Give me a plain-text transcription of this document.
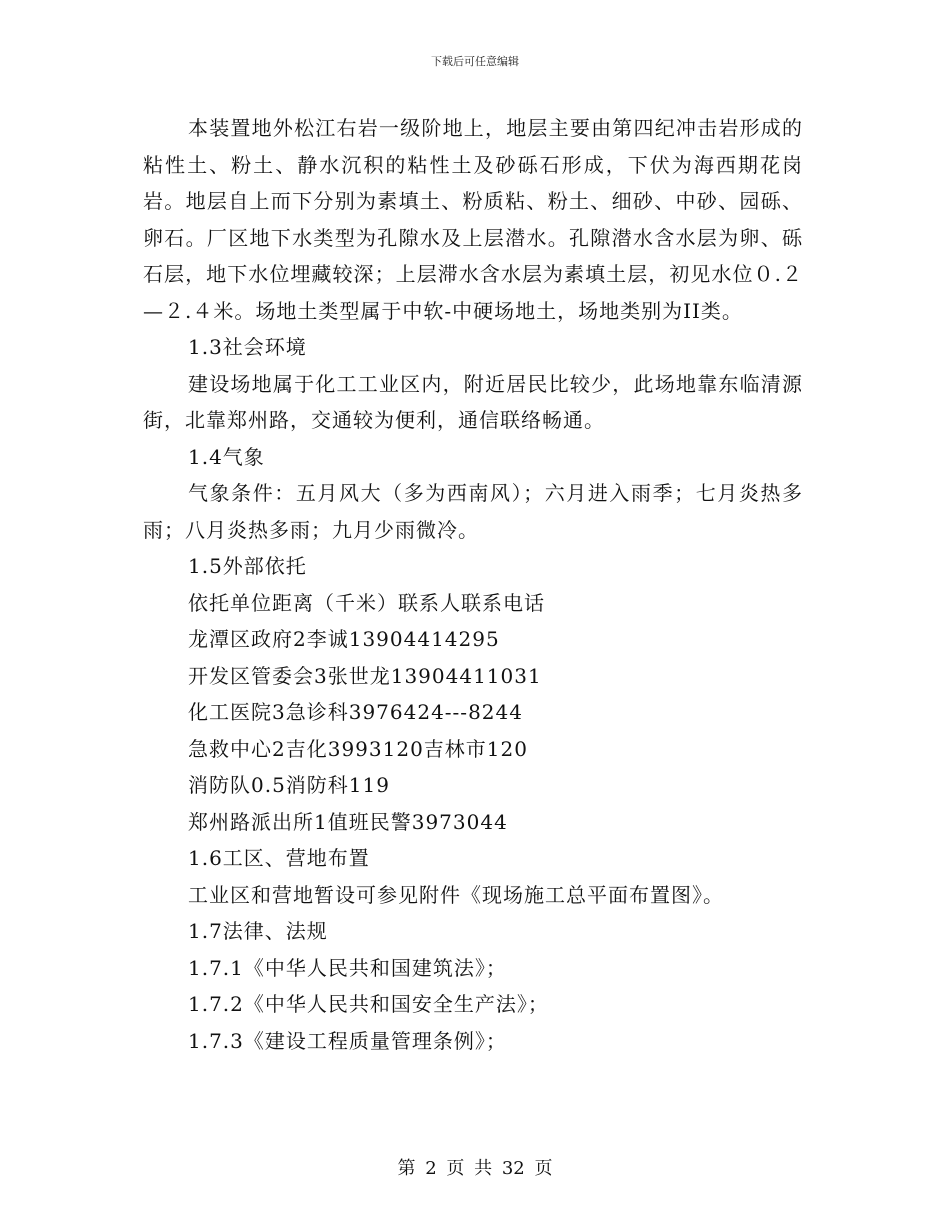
下载后可任意编辑

本装置地外松江右岩一级阶地上，地层主要由第四纪冲击岩形成的粘性土、粉土、静水沉积的粘性土及砂砾石形成，下伏为海西期花岗岩。地层自上而下分别为素填土、粉质粘、粉土、细砂、中砂、园砾、卵石。厂区地下水类型为孔隙水及上层潜水。孔隙潜水含水层为卵、砾石层，地下水位埋藏较深；上层滞水含水层为素填土层，初见水位０.２—２.４米。场地土类型属于中软-中硬场地土，场地类别为II类。

1.3社会环境

建设场地属于化工工业区内，附近居民比较少，此场地靠东临清源街，北靠郑州路，交通较为便利，通信联络畅通。

1.4气象

气象条件：五月风大（多为西南风）；六月进入雨季；七月炎热多雨；八月炎热多雨；九月少雨微冷。

1.5外部依托

依托单位距离（千米）联系人联系电话

龙潭区政府2李诚13904414295

开发区管委会3张世龙13904411031

化工医院3急诊科3976424---8244

急救中心2吉化3993120吉林市120

消防队0.5消防科119

郑州路派出所1值班民警3973044

1.6工区、营地布置

工业区和营地暂设可参见附件《现场施工总平面布置图》。

1.7法律、法规

1.7.1《中华人民共和国建筑法》；

1.7.2《中华人民共和国安全生产法》；

1.7.3《建设工程质量管理条例》；

第 2 页 共 32 页
